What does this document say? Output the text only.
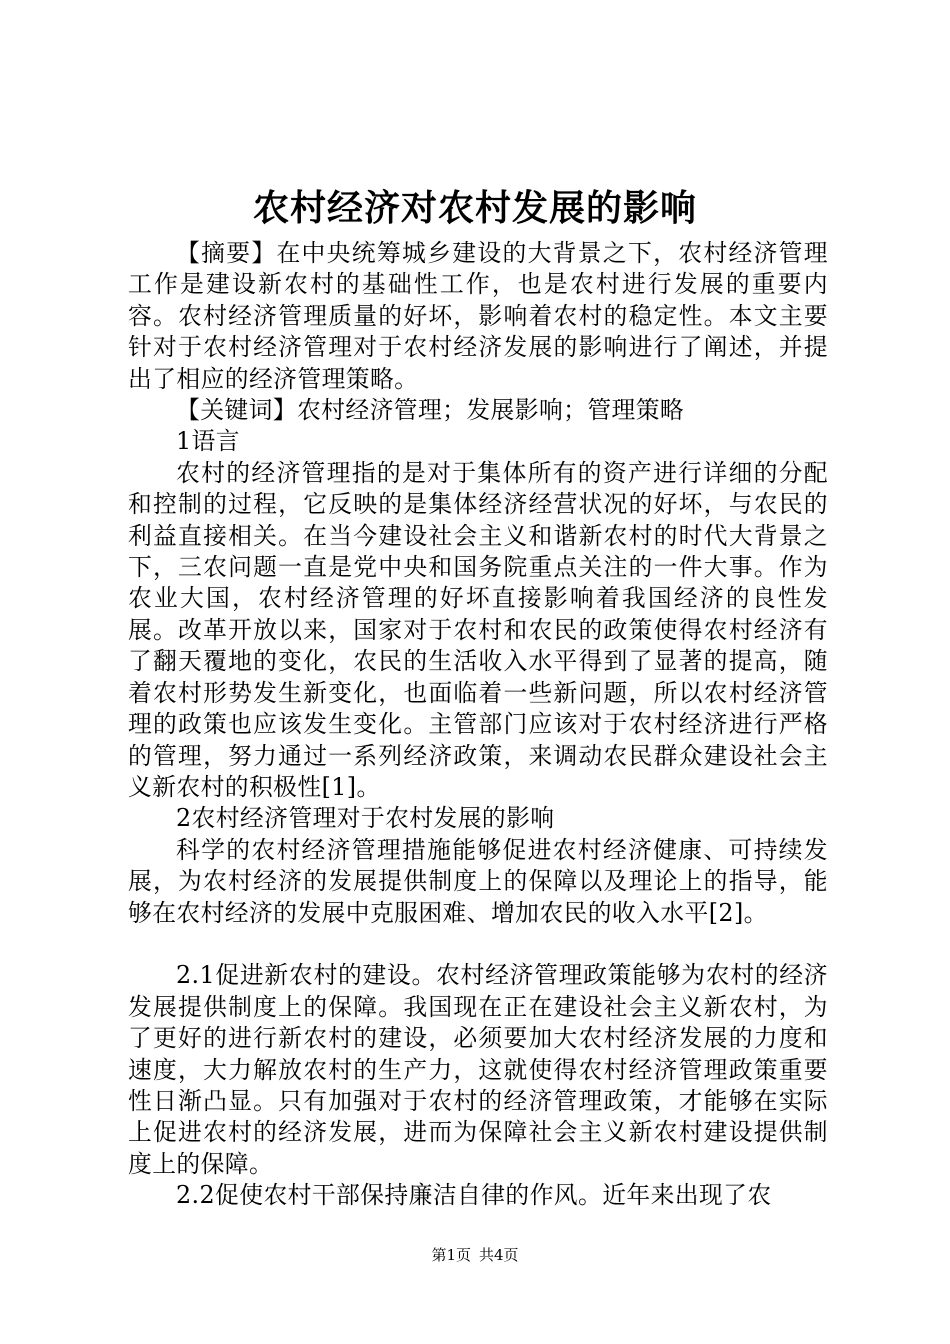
农村经济对农村发展的影响

【摘要】在中央统筹城乡建设的大背景之下，农村经济管理工作是建设新农村的基础性工作，也是农村进行发展的重要内容。农村经济管理质量的好坏，影响着农村的稳定性。本文主要针对于农村经济管理对于农村经济发展的影响进行了阐述，并提出了相应的经济管理策略。

【关键词】农村经济管理；发展影响；管理策略

1语言

农村的经济管理指的是对于集体所有的资产进行详细的分配和控制的过程，它反映的是集体经济经营状况的好坏，与农民的利益直接相关。在当今建设社会主义和谐新农村的时代大背景之下，三农问题一直是党中央和国务院重点关注的一件大事。作为农业大国，农村经济管理的好坏直接影响着我国经济的良性发展。改革开放以来，国家对于农村和农民的政策使得农村经济有了翻天覆地的变化，农民的生活收入水平得到了显著的提高，随着农村形势发生新变化，也面临着一些新问题，所以农村经济管理的政策也应该发生变化。主管部门应该对于农村经济进行严格的管理，努力通过一系列经济政策，来调动农民群众建设社会主义新农村的积极性[1]。

2农村经济管理对于农村发展的影响

科学的农村经济管理措施能够促进农村经济健康、可持续发展，为农村经济的发展提供制度上的保障以及理论上的指导，能够在农村经济的发展中克服困难、增加农民的收入水平[2]。

2.1促进新农村的建设。农村经济管理政策能够为农村的经济发展提供制度上的保障。我国现在正在建设社会主义新农村，为了更好的进行新农村的建设，必须要加大农村经济发展的力度和速度，大力解放农村的生产力，这就使得农村经济管理政策重要性日渐凸显。只有加强对于农村的经济管理政策，才能够在实际上促进农村的经济发展，进而为保障社会主义新农村建设提供制度上的保障。

2.2促使农村干部保持廉洁自律的作风。近年来出现了农

第1页 共4页
